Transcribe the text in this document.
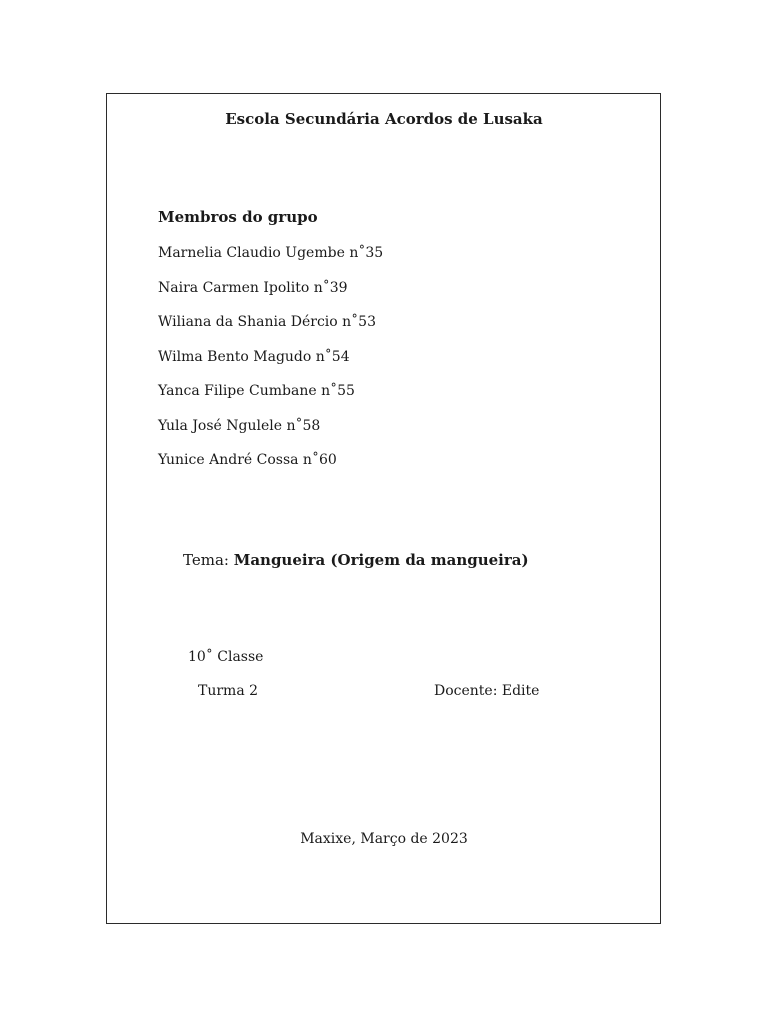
Escola Secundária Acordos de Lusaka
Membros do grupo
Marnelia Claudio Ugembe n˚35
Naira Carmen Ipolito n˚39
Wiliana da Shania Dércio n˚53
Wilma Bento Magudo n˚54
Yanca Filipe Cumbane n˚55
Yula José Ngulele n˚58
Yunice André Cossa n˚60
Tema: Mangueira (Origem da mangueira)
10˚ Classe
Turma 2	Docente: Edite
Maxixe, Março de 2023
